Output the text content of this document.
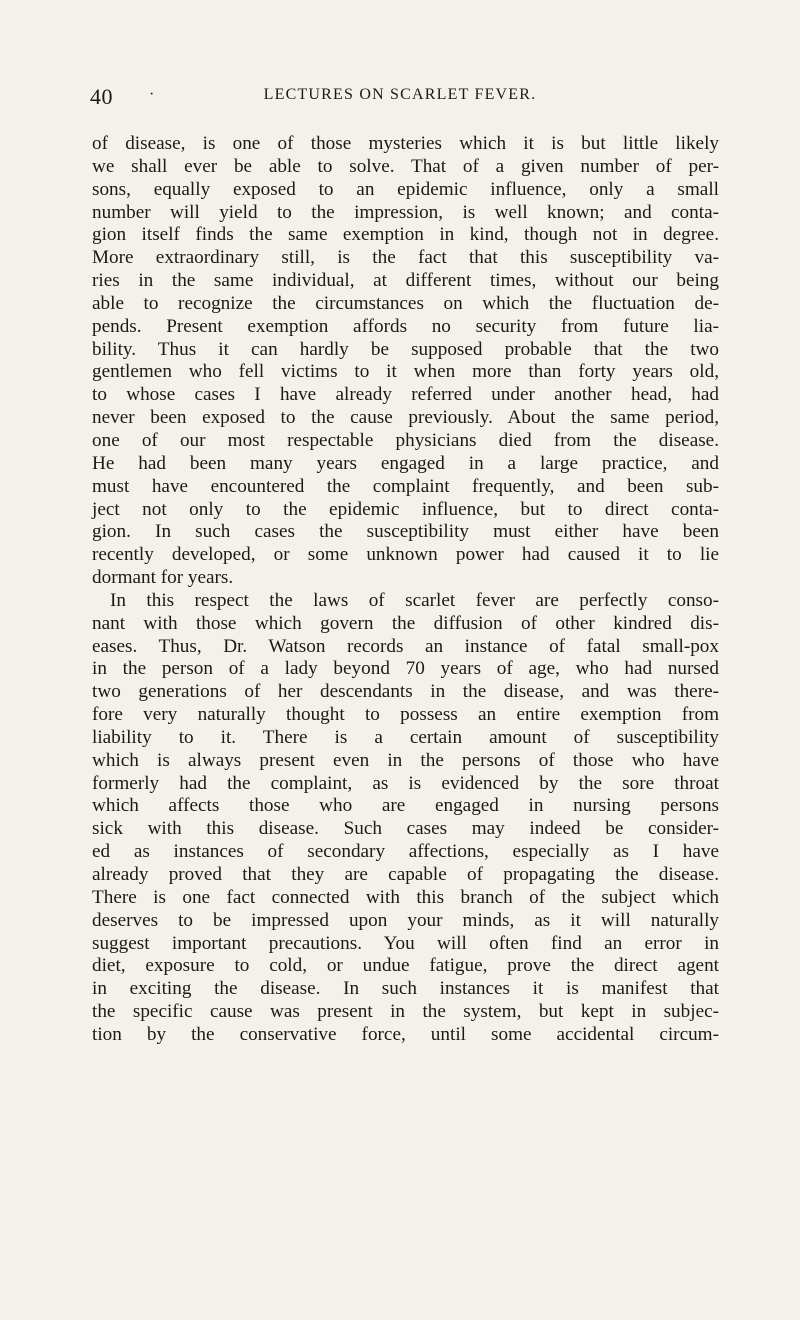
40 ·	LECTURES ON SCARLET FEVER.
of disease, is one of those mysteries which it is but little likely
we shall ever be able to solve. That of a given number of per-
sons, equally exposed to an epidemic influence, only a small
number will yield to the impression, is well known; and conta-
gion itself finds the same exemption in kind, though not in degree.
More extraordinary still, is the fact that this susceptibility va-
ries in the same individual, at different times, without our being
able to recognize the circumstances on which the fluctuation de-
pends. Present exemption affords no security from future lia-
bility. Thus it can hardly be supposed probable that the two
gentlemen who fell victims to it when more than forty years old,
to whose cases I have already referred under another head, had
never been exposed to the cause previously. About the same period,
one of our most respectable physicians died from the disease.
He had been many years engaged in a large practice, and
must have encountered the complaint frequently, and been sub-
ject not only to the epidemic influence, but to direct conta-
gion. In such cases the susceptibility must either have been
recently developed, or some unknown power had caused it to lie
dormant for years.
In this respect the laws of scarlet fever are perfectly conso-
nant with those which govern the diffusion of other kindred dis-
eases. Thus, Dr. Watson records an instance of fatal small-pox
in the person of a lady beyond 70 years of age, who had nursed
two generations of her descendants in the disease, and was there-
fore very naturally thought to possess an entire exemption from
liability to it. There is a certain amount of susceptibility
which is always present even in the persons of those who have
formerly had the complaint, as is evidenced by the sore throat
which affects those who are engaged in nursing persons
sick with this disease. Such cases may indeed be consider-
ed as instances of secondary affections, especially as I have
already proved that they are capable of propagating the disease.
There is one fact connected with this branch of the subject which
deserves to be impressed upon your minds, as it will naturally
suggest important precautions. You will often find an error in
diet, exposure to cold, or undue fatigue, prove the direct agent
in exciting the disease. In such instances it is manifest that
the specific cause was present in the system, but kept in subjec-
tion by the conservative force, until some accidental circum-
